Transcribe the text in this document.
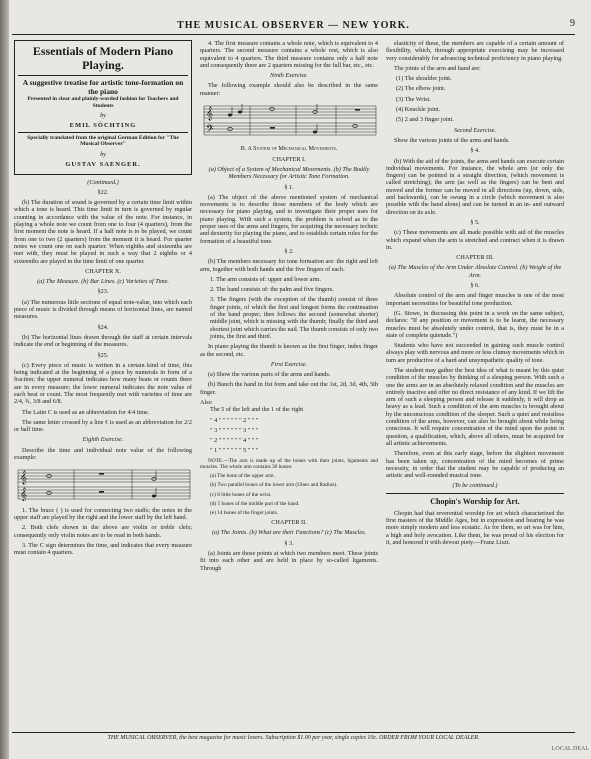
THE MUSICAL OBSERVER — NEW YORK.	9
Essentials of Modern Piano Playing.
A suggestive treatise for artistic tone-formation on the piano
Presented in clear and plainly-worded fashion for Teachers and Students
by
EMIL SÖCHTING
Specially translated from the original German Edition for "The Musical Observer"
by
GUSTAV SAENGER.
(Continued.)
§22.

(b) The duration of sound is governed by a certain time limit within which a tone is heard. This time limit in turn is governed by regular counting in accordance with the value of the note. For instance, in playing a whole note we count from one to four (4 quarters), from the first moment the note is heard. If a half note is to be played, we count from one to two (2 quarters) from the moment it is heard. For quarter notes we count one on each quarter. When eighths and sixteenths are met with, they must be played in such a way that 2 eighths or 4 sixteenths are played in the time limit of one quarter.

CHAPTER X.
(a) The Measure. (b) Bar Lines. (c) Varieties of Time.
§23.

(a) The numerous little sections of equal note-value, into which each piece of music is divided through means of horizontal lines, are named measures.

§24.

(b) The horizontal lines drawn through the staff at certain intervals indicate the end or beginning of the measures.

§25.

(c) Every piece of music is written in a certain kind of time, this being indicated at the beginning of a piece by numerals in form of a fraction; the upper numeral indicates how many beats or counts there are in every measure; the lower numeral indicates the note value of each beat or count. The most frequently met with varieties of time are 2/4, ¾, 3/8 and 6/8.

The Latin C is used as an abbreviation for 4/4 time.

The same letter crossed by a line ¢ is used as an abbreviation for 2/2 or half time.

Eighth Exercise.

Describe the time and individual note value of the following example:

𝄞
𝄞

1. The brace ( ) is used for connecting two staffs; the notes in the upper staff are played by the right and the lower staff by the left hand.

2. Both clefs shown in the above are violin or treble clefs; consequently only violin notes are to be read in both hands.

3. The C sign determines the time, and indicates that every measure must contain 4 quarters.

4. The first measure contains a whole note, which is equivalent to 4 quarters. The second measure contains a whole rest, which is also equivalent to 4 quarters. The third measure contains only a half note and consequently there are 2 quarters missing for the full bar, etc., etc.

Ninth Exercise.

The following example should also be described in the same manner:

𝄞
𝄢
B. A System of Mechanical Movements.
CHAPTER I.
(a) Object of a System of Mechanical Movements. (b) The Bodily Members Necessary for Artistic Tone Formation.
§ 1.

(a) The object of the above mentioned system of mechanical movements is to describe those members of the body which are necessary for piano playing, and to investigate their proper uses for piano playing. With such a system, the problem is solved as to the proper uses of the arms and fingers, for acquiring the necessary technic and dexterity for playing the piano, and to establish certain rules for the formation of a beautiful tone.

§ 2.

(b) The members necessary for tone formation are: the right and left arm, together with both hands and the five fingers of each.

1. The arm consists of: upper and lower arm.
2. The hand consists of: the palm and five fingers.
3. The fingers (with the exception of the thumb) consist of three finger joints, of which the first and longest forms the continuation of the hand proper; then follows the second (somewhat shorter) middle joint, which is missing with the thumb; finally the third and shortest joint which carries the nail. The thumb consists of only two joints, the first and third.

In piano playing the thumb is known as the first finger, index finger as the second, etc.

First Exercise.

(a) Show the various parts of the arms and hands.

(b) Bunch the hand in fist form and take out the 1st, 2d, 3d, 4th, 5th finger.

Also
The 5 of the left and the 1 of the right
" 4 " " " " " " 2 " " "
" 3 " " " " " " 3 " " "
" 2 " " " " " " 4 " " "
" 1 " " " " " " 5 " " "

NOTE.—The arm is made up of the bones with their joints, ligaments and muscles. The whole arm contains 30 bones:

(a) The bone of the upper arm.
(b) Two parallel bones of the lower arm (Ulner and Radius).
(c) 8 little bones of the wrist.
(d) 5 bones of the middle part of the hand.
(e) 14 bones of the finger joints.
CHAPTER II.
(a) The Joints. (b) What are their Functions? (c) The Muscles.
§ 3.

(a) Joints are those points at which two members meet. These joints fit into each other and are held in place by so-called ligaments. Through

elasticity of these, the members are capable of a certain amount of flexibility, which, through appropriate exercising may be increased very considerably for advancing technical proficiency in piano playing.

The joints of the arm and hand are:

(1) The shoulder joint.
(2) The elbow joint.
(3) The Wrist.
(4) Knuckle joint.
(5) 2 and 3 finger joint.
Second Exercise.

Show the various joints of the arms and hands.

§ 4.

(b) With the aid of the joints, the arms and hands can execute certain individual movements. For instance, the whole arm (or only the fingers) can be pointed in a straight direction, (which movement is called stretching); the arm (as well as the fingers) can be bent and moved and the former can be moved in all directions (up, down, side, and backwards), can be swung in a circle (which movement is also possible with the hand alone) and can be turned in an in- and outward direction on its axle.

§ 5.

(c) These movements are all made possible with aid of the muscles which expand when the arm is stretched and contract when it is drawn in.

CHAPTER III.
(a) The Muscles of the Arm Under Absolute Control. (b) Weight of the Arm.
§ 6.

Absolute control of the arm and finger muscles is one of the most important necessities for beautiful tone production.

(G. Stowe, in discussing this point in a work on the same subject, declares: "If any position or movement is to be learnt, the necessary muscles must be absolutely under control, that is, they must be in a state of complete quietude.")

Students who have not succeeded in gaining such muscle control always play with nervous and more or less clumsy movements which in turn are productive of a hard and unsympathetic quality of tone.

The student may gather the best idea of what is meant by this quiet condition of the muscles by thinking of a sleeping person. With such a one the arms are in an absolutely relaxed condition and the muscles are entirely inactive and offer no direct resistance of any kind. If we lift the arm of such a sleeping person and release it suddenly, it will drop as heavy as a lead. Such a condition of the arm muscles is brought about by the unconscious condition of the sleeper. Such a quiet and resistless condition of the arms, however, can also be brought about while being conscious. It will require concentration of the mind upon the point in question, a qualification, which, above all others, must be acquired for all artistic achievements.

Therefore, even at this early stage, before the slightest movement has been taken up, concentration of the mind becomes of prime necessity, in order that the student may be capable of producing an artistic and well-rounded musical tone.

(To be continued.)
Chopin's Worship for Art.

Chopin had that reverential worship for art which characterized the first masters of the Middle Ages, but in expression and bearing he was more simply modern and less ecstatic. As for them, so art was for him, a high and holy avocation. Like them, he was proud of his election for it, and honored it with devout piety.—Franz Liszt.

THE MUSICAL OBSERVER, the best magazine for music lovers. Subscription $1.00 per year, single copies 10c. ORDER FROM YOUR LOCAL DEALER.
LOCAL DEAL
